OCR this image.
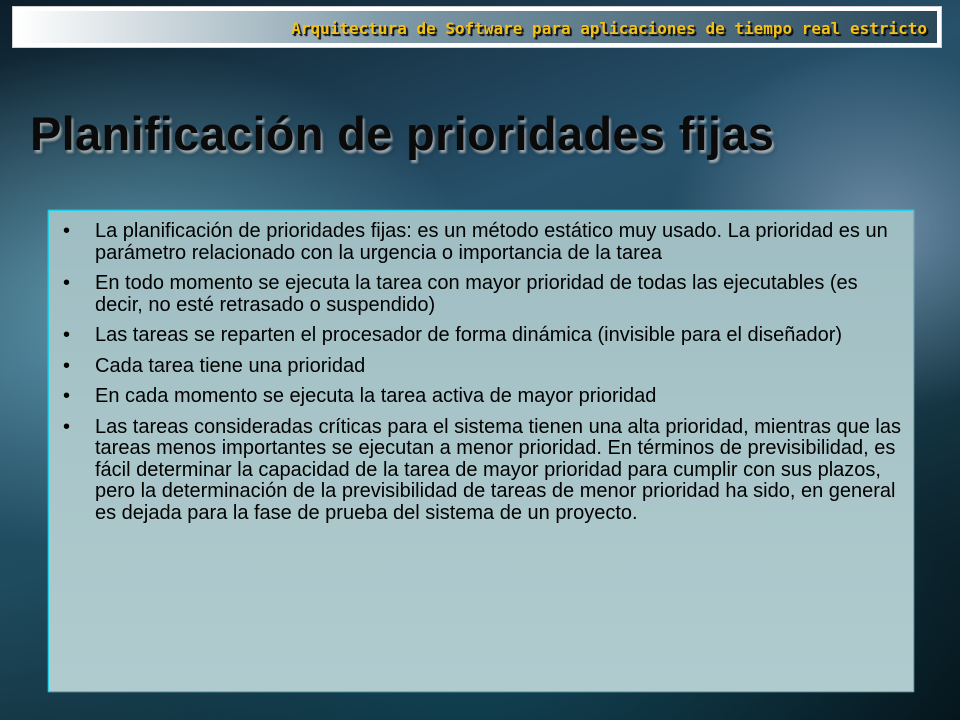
Arquitectura de Software para aplicaciones de tiempo real estricto
Planificación de prioridades fijas
• La planificación de prioridades fijas: es un método estático muy usado. La prioridad es un parámetro relacionado con la urgencia o importancia de la tarea
• En todo momento se ejecuta la tarea con mayor prioridad de todas las ejecutables (es decir, no esté retrasado o suspendido)
• Las tareas se reparten el procesador de forma dinámica (invisible para el diseñador)
• Cada tarea tiene una prioridad
• En cada momento se ejecuta la tarea activa de mayor prioridad
• Las tareas consideradas críticas para el sistema tienen una alta prioridad, mientras que las tareas menos importantes se ejecutan a menor prioridad. En términos de previsibilidad, es fácil determinar la capacidad de la tarea de mayor prioridad para cumplir con sus plazos, pero la determinación de la previsibilidad de tareas de menor prioridad ha sido, en general es dejada para la fase de prueba del sistema de un proyecto.
